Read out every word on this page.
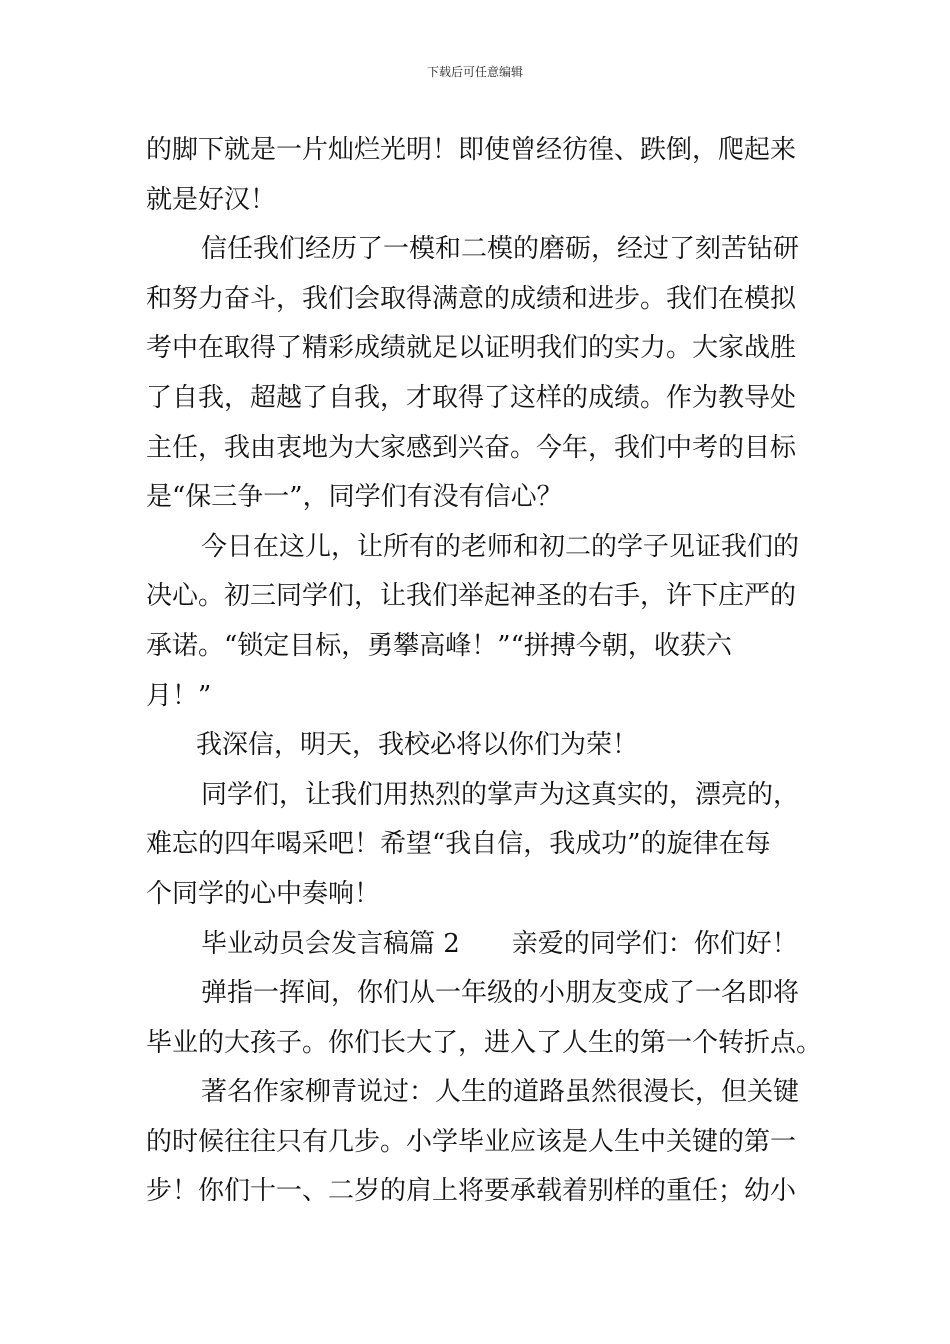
下载后可任意编辑
的脚下就是一片灿烂光明！即使曾经彷徨、跌倒，爬起来
就是好汉！
信任我们经历了一模和二模的磨砺，经过了刻苦钻研
和努力奋斗，我们会取得满意的成绩和进步。我们在模拟
考中在取得了精彩成绩就足以证明我们的实力。大家战胜
了自我，超越了自我，才取得了这样的成绩。作为教导处
主任，我由衷地为大家感到兴奋。今年，我们中考的目标
是“保三争一”，同学们有没有信心？
今日在这儿，让所有的老师和初二的学子见证我们的
决心。初三同学们，让我们举起神圣的右手，许下庄严的
承诺。“锁定目标，勇攀高峰！”“拼搏今朝，收获六
月！”
我深信，明天，我校必将以你们为荣！
同学们，让我们用热烈的掌声为这真实的，漂亮的，
难忘的四年喝采吧！希望“我自信，我成功”的旋律在每
个同学的心中奏响！
毕业动员会发言稿篇 2　　亲爱的同学们：你们好！
弹指一挥间，你们从一年级的小朋友变成了一名即将
毕业的大孩子。你们长大了，进入了人生的第一个转折点。
著名作家柳青说过：人生的道路虽然很漫长，但关键
的时候往往只有几步。小学毕业应该是人生中关键的第一
步！你们十一、二岁的肩上将要承载着别样的重任；幼小
